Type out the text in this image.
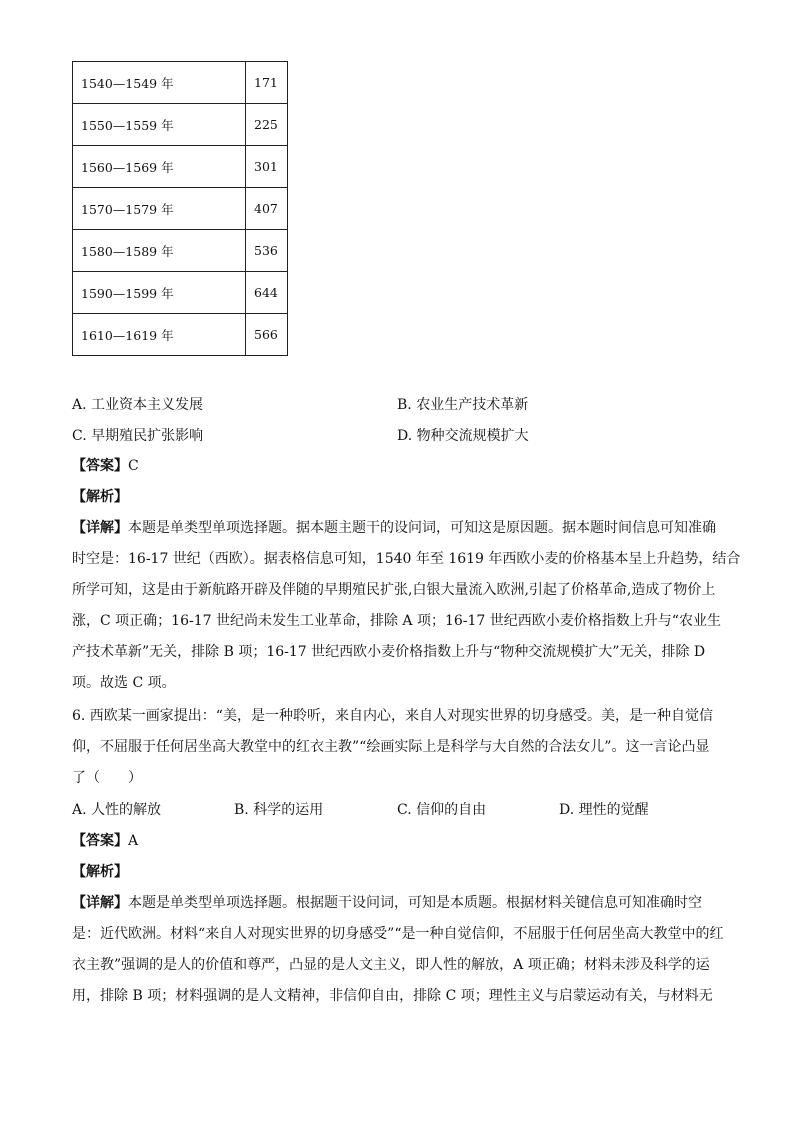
1540—1549 年	171
1550—1559 年	225
1560—1569 年	301
1570—1579 年	407
1580—1589 年	536
1590—1599 年	644
1610—1619 年	566
A. 工业资本主义发展	B. 农业生产技术革新
C. 早期殖民扩张影响	D. 物种交流规模扩大
【答案】C
【解析】
【详解】本题是单类型单项选择题。据本题主题干的设问词，可知这是原因题。据本题时间信息可知准确
时空是：16-17 世纪（西欧）。据表格信息可知，1540 年至 1619 年西欧小麦的价格基本呈上升趋势，结合
所学可知，这是由于新航路开辟及伴随的早期殖民扩张,白银大量流入欧洲,引起了价格革命,造成了物价上
涨，C 项正确；16-17 世纪尚未发生工业革命，排除 A 项；16-17 世纪西欧小麦价格指数上升与“农业生
产技术革新”无关，排除 B 项；16-17 世纪西欧小麦价格指数上升与“物种交流规模扩大”无关，排除 D
项。故选 C 项。
6. 西欧某一画家提出：“美，是一种聆听，来自内心，来自人对现实世界的切身感受。美，是一种自觉信
仰，不屈服于任何居坐高大教堂中的红衣主教”“绘画实际上是科学与大自然的合法女儿”。这一言论凸显
了（　　）
A. 人性的解放	B. 科学的运用	C. 信仰的自由	D. 理性的觉醒
【答案】A
【解析】
【详解】本题是单类型单项选择题。根据题干设问词，可知是本质题。根据材料关键信息可知准确时空
是：近代欧洲。材料“来自人对现实世界的切身感受”“是一种自觉信仰，不屈服于任何居坐高大教堂中的红
衣主教”强调的是人的价值和尊严，凸显的是人文主义，即人性的解放，A 项正确；材料未涉及科学的运
用，排除 B 项；材料强调的是人文精神，非信仰自由，排除 C 项；理性主义与启蒙运动有关，与材料无
